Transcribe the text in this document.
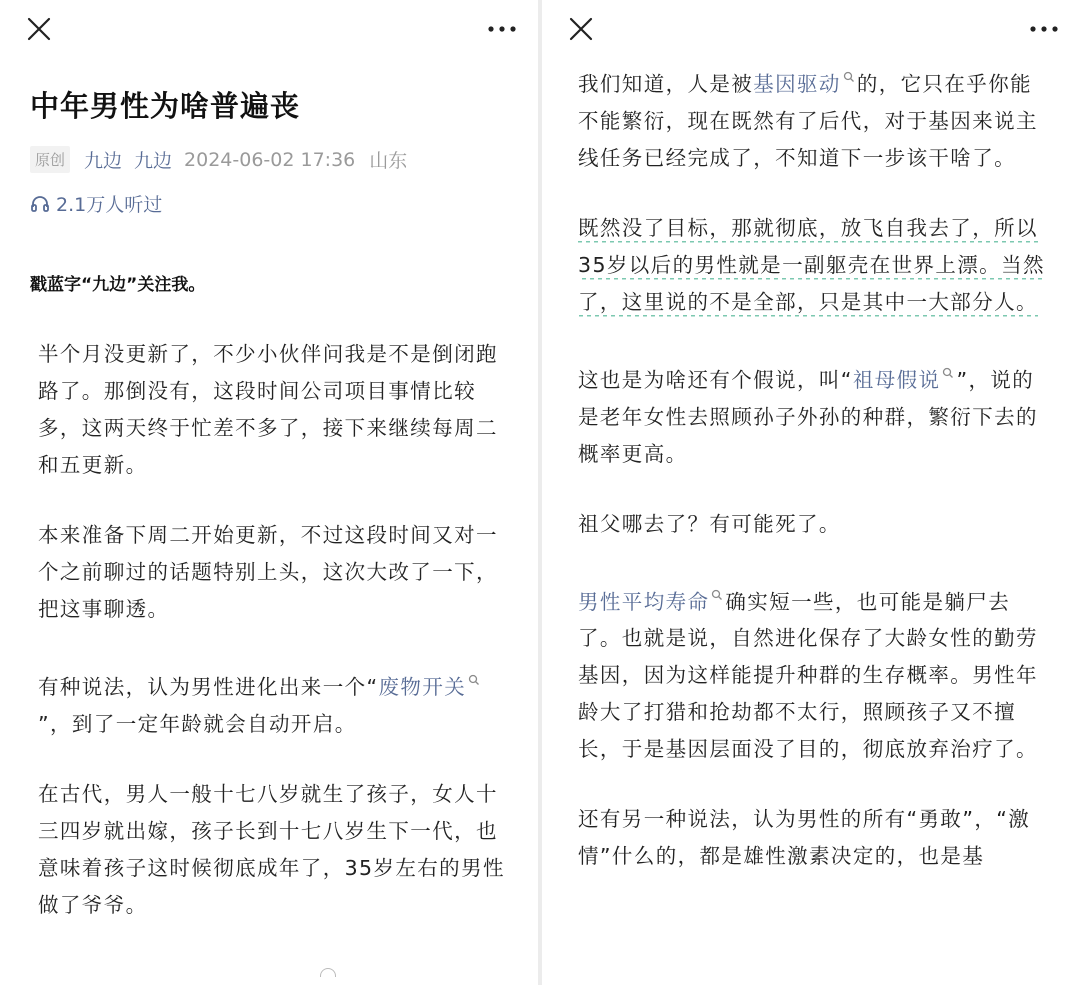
中年男性为啥普遍丧
原创 九边 九边 2024-06-02 17:36 山东
2.1万人听过
戳蓝字“九边”关注我。

半个月没更新了，不少小伙伴问我是不是倒闭跑路了。那倒没有，这段时间公司项目事情比较多，这两天终于忙差不多了，接下来继续每周二和五更新。

本来准备下周二开始更新，不过这段时间又对一个之前聊过的话题特别上头，这次大改了一下，把这事聊透。

有种说法，认为男性进化出来一个“废物开关”，到了一定年龄就会自动开启。

在古代，男人一般十七八岁就生了孩子，女人十三四岁就出嫁，孩子长到十七八岁生下一代，也意味着孩子这时候彻底成年了，35岁左右的男性做了爷爷。

我们知道，人是被基因驱动 的，它只在乎你能不能繁衍，现在既然有了后代，对于基因来说主线任务已经完成了，不知道下一步该干啥了。

既然没了目标，那就彻底，放飞自我去了，所以35岁以后的男性就是一副躯壳在世界上漂。当然了，这里说的不是全部，只是其中一大部分人。

这也是为啥还有个假说，叫“祖母假说 ”，说的是老年女性去照顾孙子外孙的种群，繁衍下去的概率更高。

祖父哪去了？有可能死了。

男性平均寿命 确实短一些，也可能是躺尸去了。也就是说，自然进化保存了大龄女性的勤劳基因，因为这样能提升种群的生存概率。男性年龄大了打猎和抢劫都不太行，照顾孩子又不擅长，于是基因层面没了目的，彻底放弃治疗了。

还有另一种说法，认为男性的所有“勇敢”，“激情”什么的，都是雄性激素决定的，也是基
